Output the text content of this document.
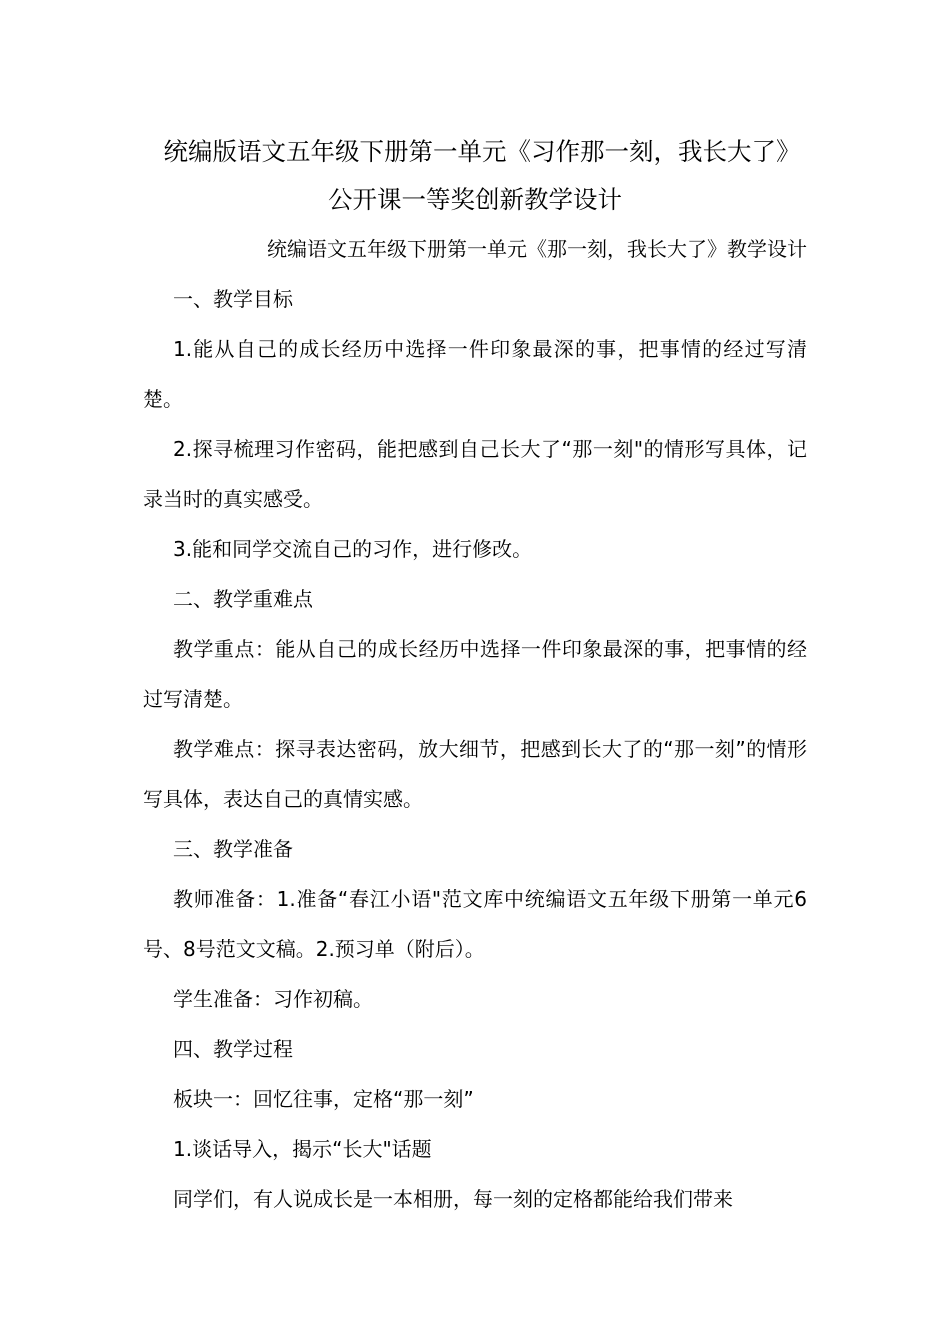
统编版语文五年级下册第一单元《习作那一刻，我长大了》公开课一等奖创新教学设计
统编语文五年级下册第一单元《那一刻，我长大了》教学设计

一、教学目标

1.能从自己的成长经历中选择一件印象最深的事，把事情的经过写清楚。

2.探寻梳理习作密码，能把感到自己长大了“那一刻"的情形写具体，记录当时的真实感受。

3.能和同学交流自己的习作，进行修改。

二、教学重难点

教学重点：能从自己的成长经历中选择一件印象最深的事，把事情的经过写清楚。

教学难点：探寻表达密码，放大细节，把感到长大了的“那一刻”的情形写具体，表达自己的真情实感。

三、教学准备

教师准备：1.准备“春江小语"范文库中统编语文五年级下册第一单元6号、8号范文文稿。2.预习单（附后）。

学生准备：习作初稿。

四、教学过程

板块一：回忆往事，定格“那一刻”

1.谈话导入，揭示“长大"话题

同学们，有人说成长是一本相册，每一刻的定格都能给我们带来
